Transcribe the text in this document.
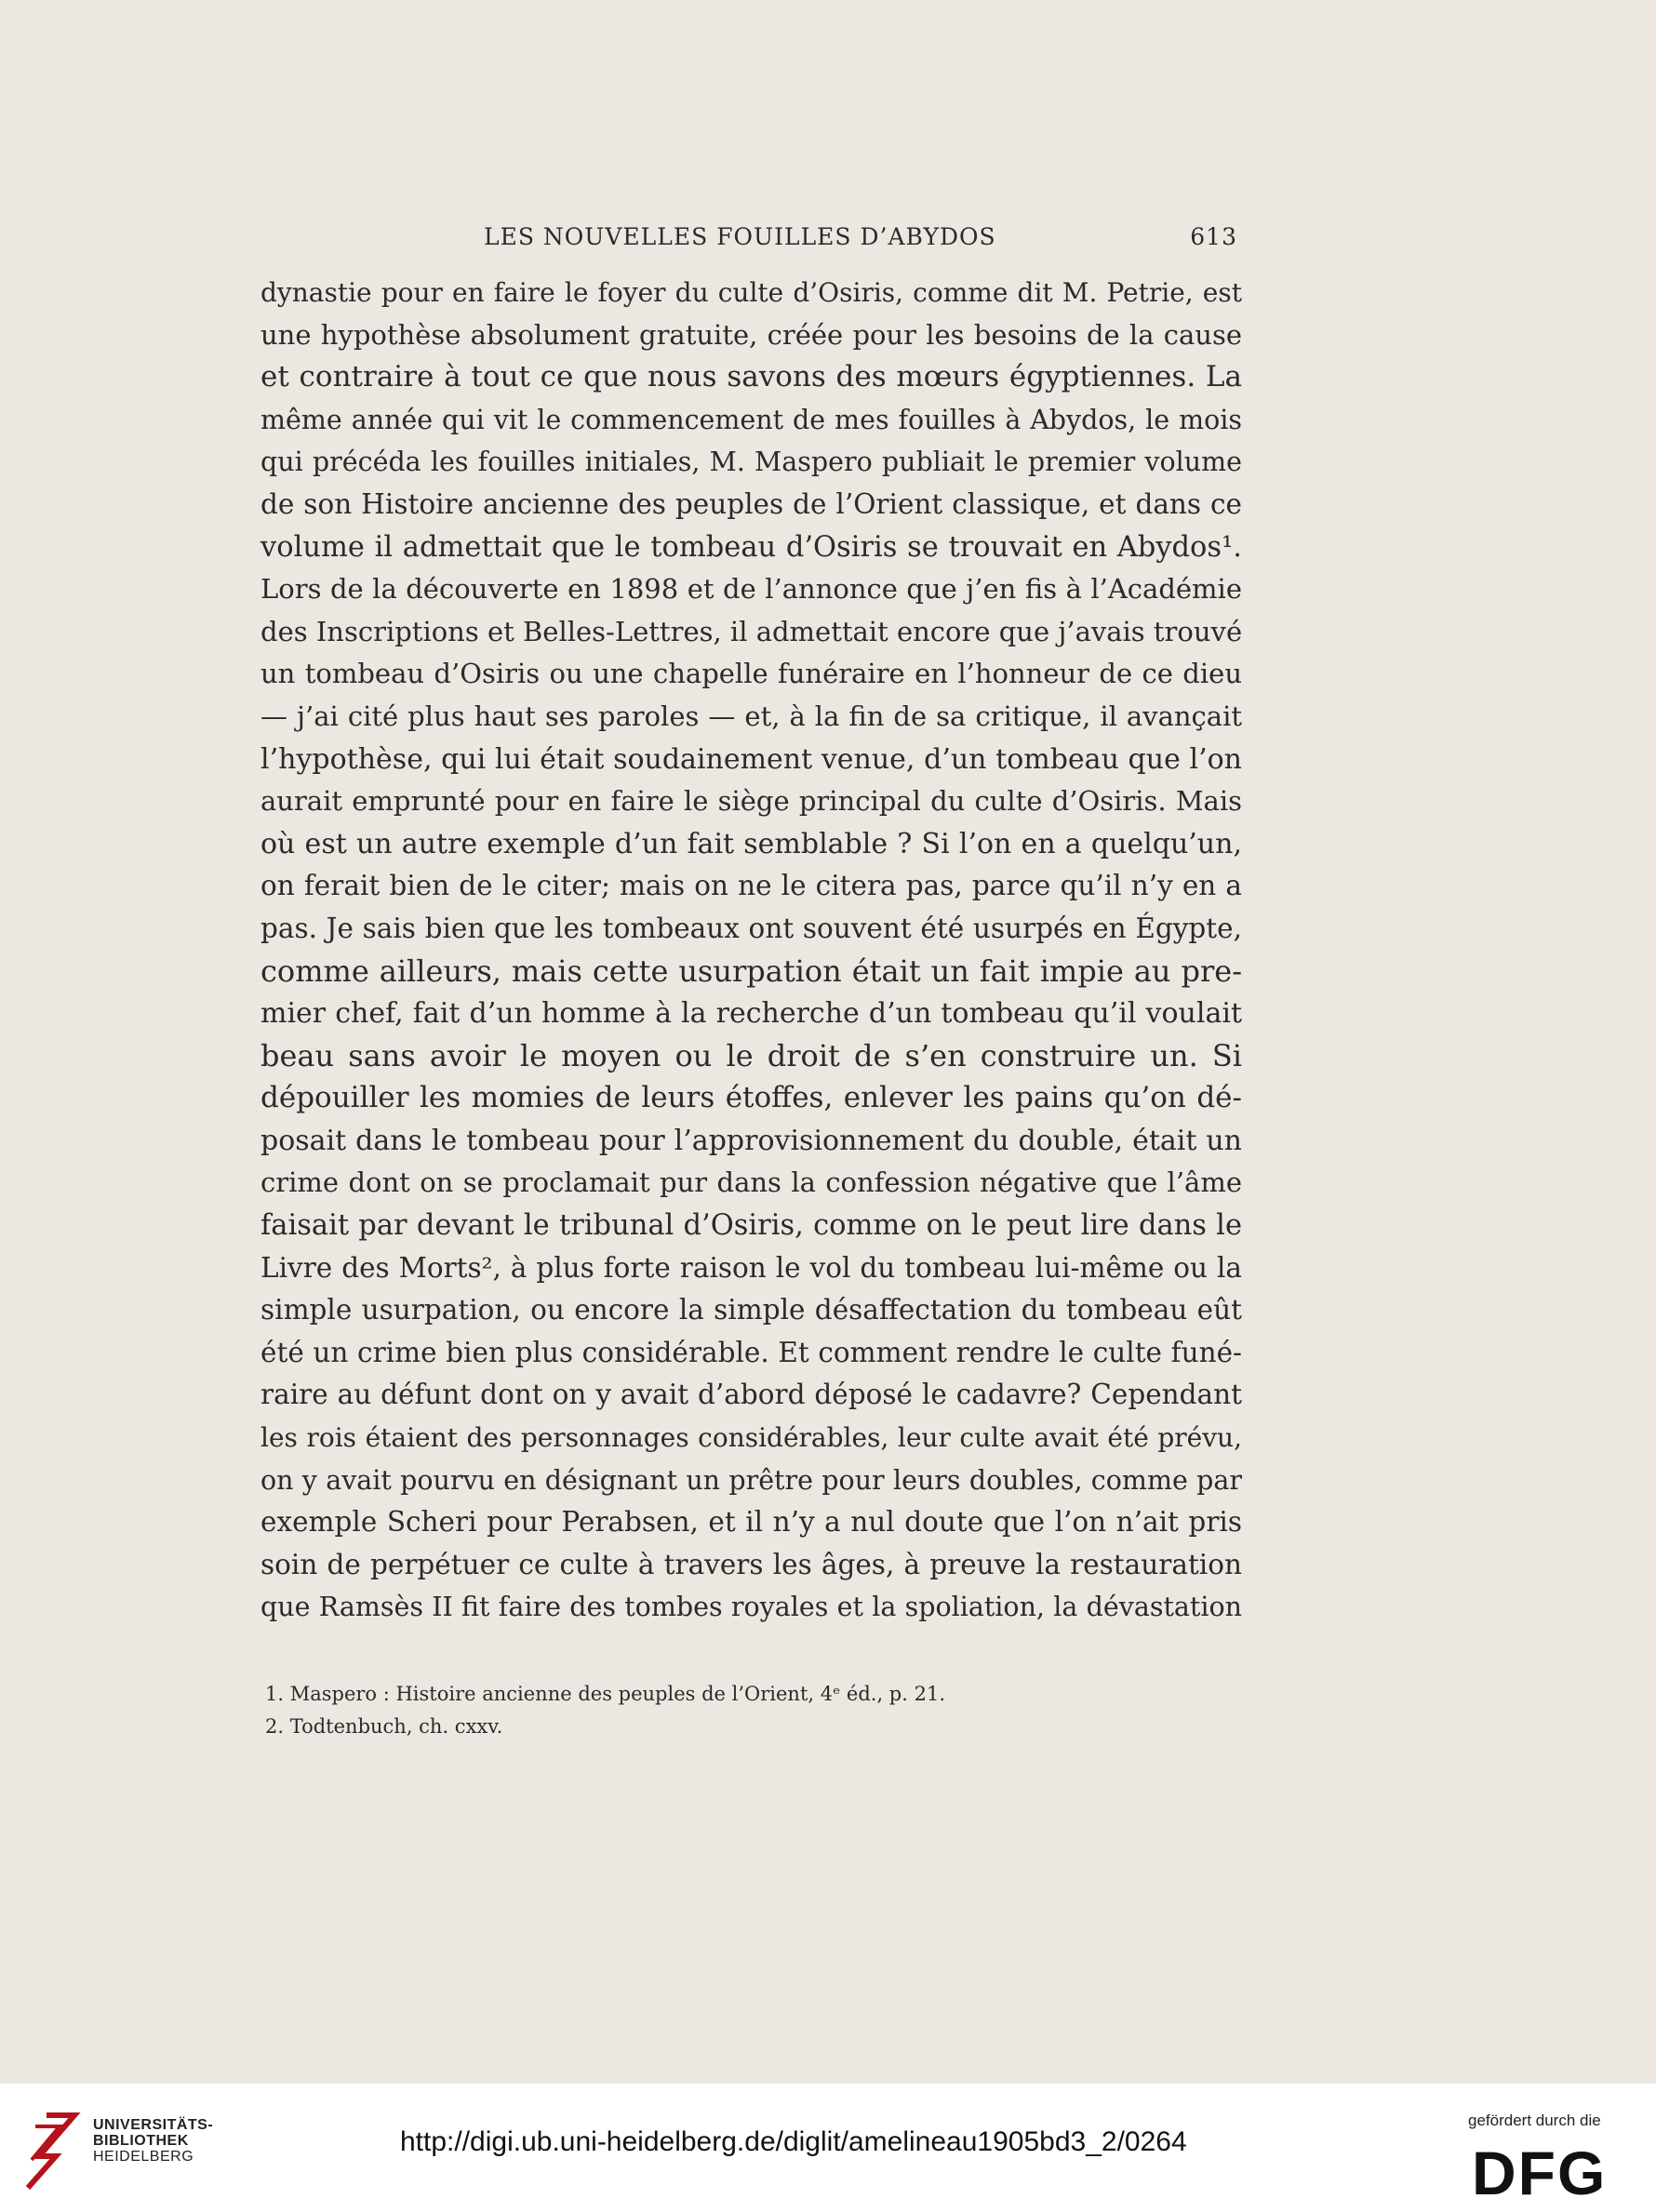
LES NOUVELLES FOUILLES D’ABYDOS	613
dynastie pour en faire le foyer du culte d’Osiris, comme dit M. Petrie, est
une hypothèse absolument gratuite, créée pour les besoins de la cause
et contraire à tout ce que nous savons des mœurs égyptiennes. La
même année qui vit le commencement de mes fouilles à Abydos, le mois
qui précéda les fouilles initiales, M. Maspero publiait le premier volume
de son Histoire ancienne des peuples de l’Orient classique, et dans ce
volume il admettait que le tombeau d’Osiris se trouvait en Abydos¹.
Lors de la découverte en 1898 et de l’annonce que j’en fis à l’Académie
des Inscriptions et Belles-Lettres, il admettait encore que j’avais trouvé
un tombeau d’Osiris ou une chapelle funéraire en l’honneur de ce dieu
— j’ai cité plus haut ses paroles — et, à la fin de sa critique, il avançait
l’hypothèse, qui lui était soudainement venue, d’un tombeau que l’on
aurait emprunté pour en faire le siège principal du culte d’Osiris. Mais
où est un autre exemple d’un fait semblable ? Si l’on en a quelqu’un,
on ferait bien de le citer; mais on ne le citera pas, parce qu’il n’y en a
pas. Je sais bien que les tombeaux ont souvent été usurpés en Égypte,
comme ailleurs, mais cette usurpation était un fait impie au pre-
mier chef, fait d’un homme à la recherche d’un tombeau qu’il voulait
beau sans avoir le moyen ou le droit de s’en construire un. Si
dépouiller les momies de leurs étoffes, enlever les pains qu’on dé-
posait dans le tombeau pour l’approvisionnement du double, était un
crime dont on se proclamait pur dans la confession négative que l’âme
faisait par devant le tribunal d’Osiris, comme on le peut lire dans le
Livre des Morts², à plus forte raison le vol du tombeau lui-même ou la
simple usurpation, ou encore la simple désaffectation du tombeau eût
été un crime bien plus considérable. Et comment rendre le culte funé-
raire au défunt dont on y avait d’abord déposé le cadavre? Cependant
les rois étaient des personnages considérables, leur culte avait été prévu,
on y avait pourvu en désignant un prêtre pour leurs doubles, comme par
exemple Scheri pour Perabsen, et il n’y a nul doute que l’on n’ait pris
soin de perpétuer ce culte à travers les âges, à preuve la restauration
que Ramsès II fit faire des tombes royales et la spoliation, la dévastation
1. Maspero : Histoire ancienne des peuples de l’Orient, 4ᵉ éd., p. 21.
2. Todtenbuch, ch. cxxv.
UNIVERSITÄTS-
BIBLIOTHEK
HEIDELBERG	http://digi.ub.uni-heidelberg.de/diglit/amelineau1905bd3_2/0264
gefördert durch die
DFG
